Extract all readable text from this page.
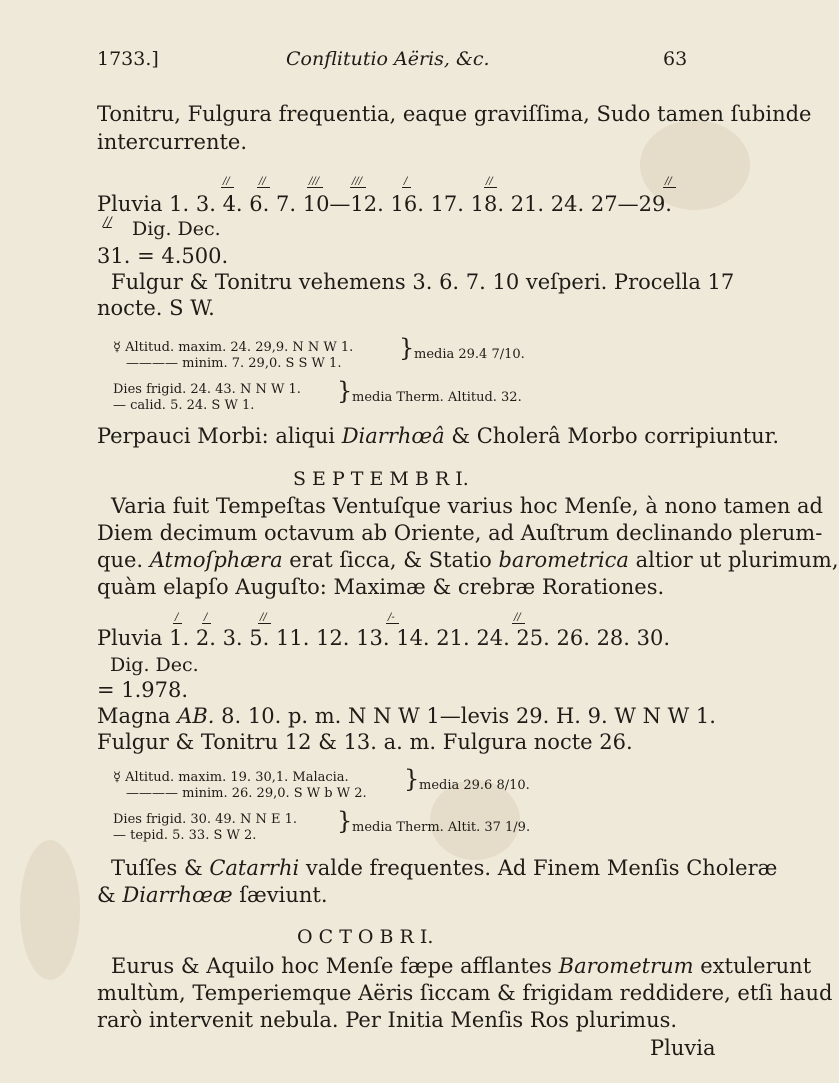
1733.]	Conflitutio Aëris, &c.	63
Tonitru, Fulgura frequentia, eaque graviſſima, Sudo tamen ſubinde
intercurrente.
//	//	///	///	/	//	//
Pluvia 1. 3. 4. 6. 7. 10—12. 16. 17. 18. 21. 24. 27—29.
// Dig. Dec.
31. = 4.500.
Fulgur & Tonitru vehemens 3. 6. 7. 10 veſperi. Procella 17
nocte. S W.
☿ Altitud. maxim. 24. 29,9. N N W 1.
———— minim. 7. 29,0. S S W 1.
} media 29.4 7/10.
Dies frigid. 24. 43. N N W 1.
— calid. 5. 24. S W 1.
} media Therm. Altitud. 32.
Perpauci Morbi: aliqui Diarrhœâ & Cholerâ Morbo corripiuntur.
S E P T E M B R I.
Varia fuit Tempeſtas Ventuſque varius hoc Menſe, à nono tamen ad
Diem decimum octavum ab Oriente, ad Auſtrum declinando plerum-
que. Atmoſphæra erat ſicca, & Statio barometrica altior ut plurimum,
quàm elapſo Auguſto: Maximæ & crebræ Rorationes.
/	/	//	/-	//
Pluvia 1. 2. 3. 5. 11. 12. 13. 14. 21. 24. 25. 26. 28. 30.
Dig. Dec.
= 1.978.
Magna AB. 8. 10. p. m. N N W 1—levis 29. H. 9. W N W 1.
Fulgur & Tonitru 12 & 13. a. m. Fulgura nocte 26.
☿ Altitud. maxim. 19. 30,1. Malacia.
———— minim. 26. 29,0. S W b W 2.
} media 29.6 8/10.
Dies frigid. 30. 49. N N E 1.
— tepid. 5. 33. S W 2.
} media Therm. Altit. 37 1/9.
Tuſſes & Catarrhi valde frequentes. Ad Finem Menſis Choleræ
& Diarrhœæ ſæviunt.
O C T O B R I.
Eurus & Aquilo hoc Menſe fæpe afflantes Barometrum extulerunt
multùm, Temperiemque Aëris ſiccam & frigidam reddidere, etſi haud
rarò intervenit nebula. Per Initia Menſis Ros plurimus.
Pluvia
